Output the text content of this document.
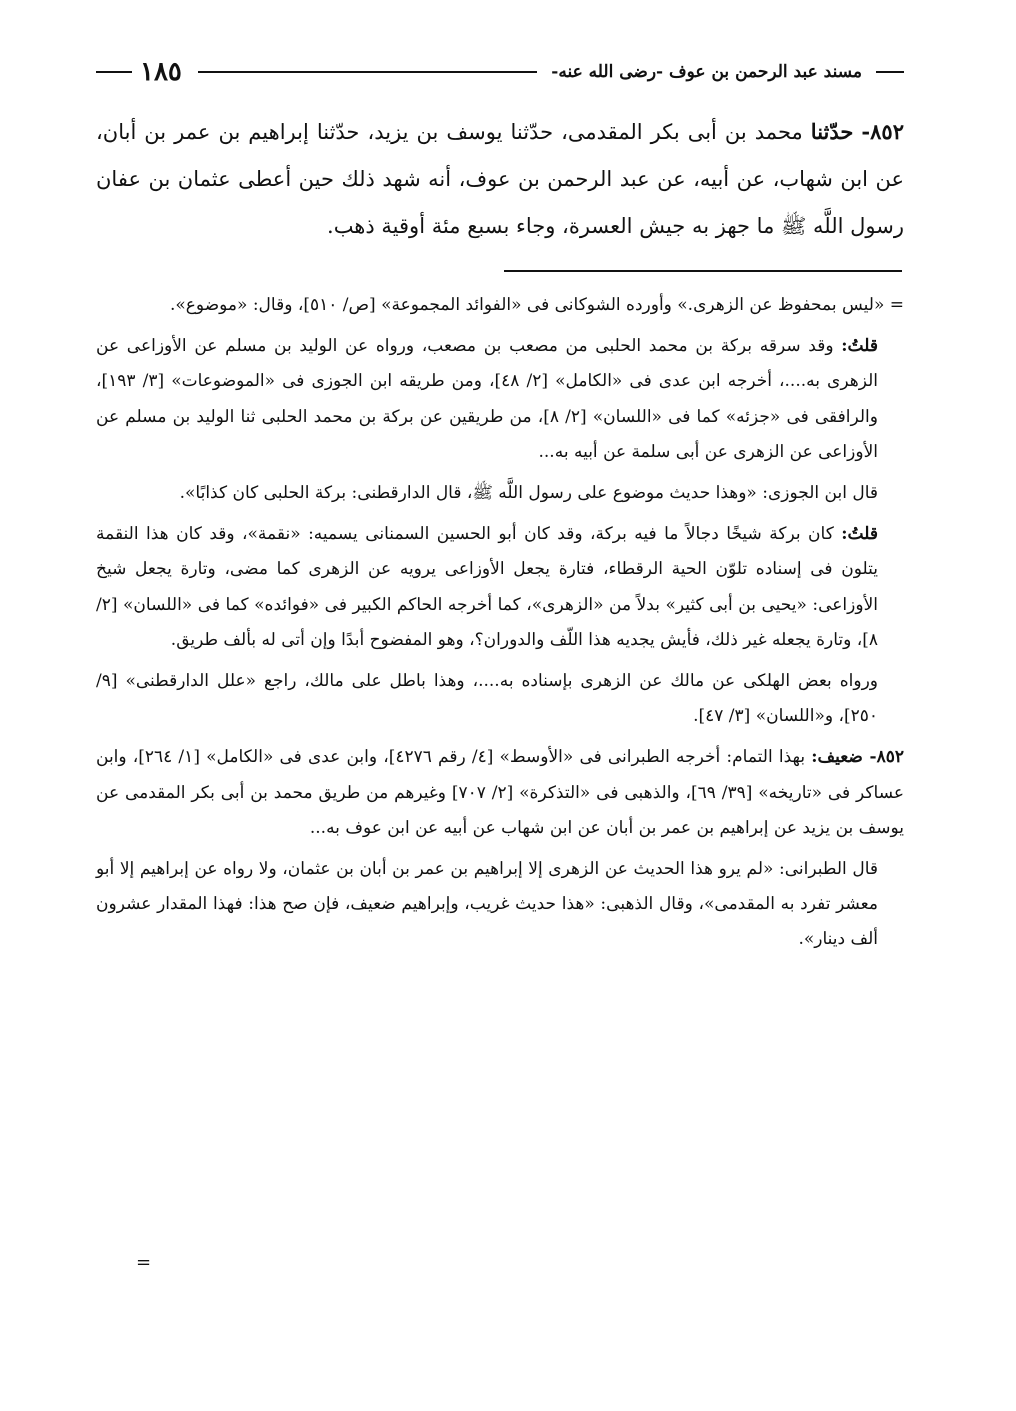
مسند عبد الرحمن بن عوف -رضى الله عنه-
١٨٥
٨٥٢- حدّثنا محمد بن أبى بكر المقدمى، حدّثنا يوسف بن يزيد، حدّثنا إبراهيم بن عمر بن أبان، عن ابن شهاب، عن أبيه، عن عبد الرحمن بن عوف، أنه شهد ذلك حين أعطى عثمان بن عفان رسول اللَّه ﷺ ما جهز به جيش العسرة، وجاء بسبع مئة أوقية ذهب.

= «ليس بمحفوظ عن الزهرى.» وأورده الشوكانى فى «الفوائد المجموعة» [ص/ ٥١٠]، وقال: «موضوع».

قلتُ: وقد سرقه بركة بن محمد الحلبى من مصعب بن مصعب، ورواه عن الوليد بن مسلم عن الأوزاعى عن الزهرى به....، أخرجه ابن عدى فى «الكامل» [٢/ ٤٨]، ومن طريقه ابن الجوزى فى «الموضوعات» [٣/ ١٩٣]، والرافقى فى «جزئه» كما فى «اللسان» [٢/ ٨]، من طريقين عن بركة بن محمد الحلبى ثنا الوليد بن مسلم عن الأوزاعى عن الزهرى عن أبى سلمة عن أبيه به...

قال ابن الجوزى: «وهذا حديث موضوع على رسول اللَّه ﷺ، قال الدارقطنى: بركة الحلبى كان كذابًا».

قلتُ: كان بركة شيخًا دجالاً ما فيه بركة، وقد كان أبو الحسين السمنانى يسميه: «نقمة»، وقد كان هذا النقمة يتلون فى إسناده تلوّن الحية الرقطاء، فتارة يجعل الأوزاعى يرويه عن الزهرى كما مضى، وتارة يجعل شيخ الأوزاعى: «يحيى بن أبى كثير» بدلاً من «الزهرى»، كما أخرجه الحاكم الكبير فى «فوائده» كما فى «اللسان» [٢/ ٨]، وتارة يجعله غير ذلك، فأيش يجديه هذا اللّف والدوران؟، وهو المفضوح أبدًا وإن أتى له بألف طريق.

ورواه بعض الهلكى عن مالك عن الزهرى بإسناده به....، وهذا باطل على مالك، راجع «علل الدارقطنى» [٩/ ٢٥٠]، و«اللسان» [٣/ ٤٧].

٨٥٢- ضعيف: بهذا التمام: أخرجه الطبرانى فى «الأوسط» [٤/ رقم ٤٢٧٦]، وابن عدى فى «الكامل» [١/ ٢٦٤]، وابن عساكر فى «تاريخه» [٣٩/ ٦٩]، والذهبى فى «التذكرة» [٢/ ٧٠٧] وغيرهم من طريق محمد بن أبى بكر المقدمى عن يوسف بن يزيد عن إبراهيم بن عمر بن أبان عن ابن شهاب عن أبيه عن ابن عوف به...

قال الطبرانى: «لم يرو هذا الحديث عن الزهرى إلا إبراهيم بن عمر بن أبان بن عثمان، ولا رواه عن إبراهيم إلا أبو معشر تفرد به المقدمى»، وقال الذهبى: «هذا حديث غريب، وإبراهيم ضعيف، فإن صح هذا: فهذا المقدار عشرون ألف دينار».

=
